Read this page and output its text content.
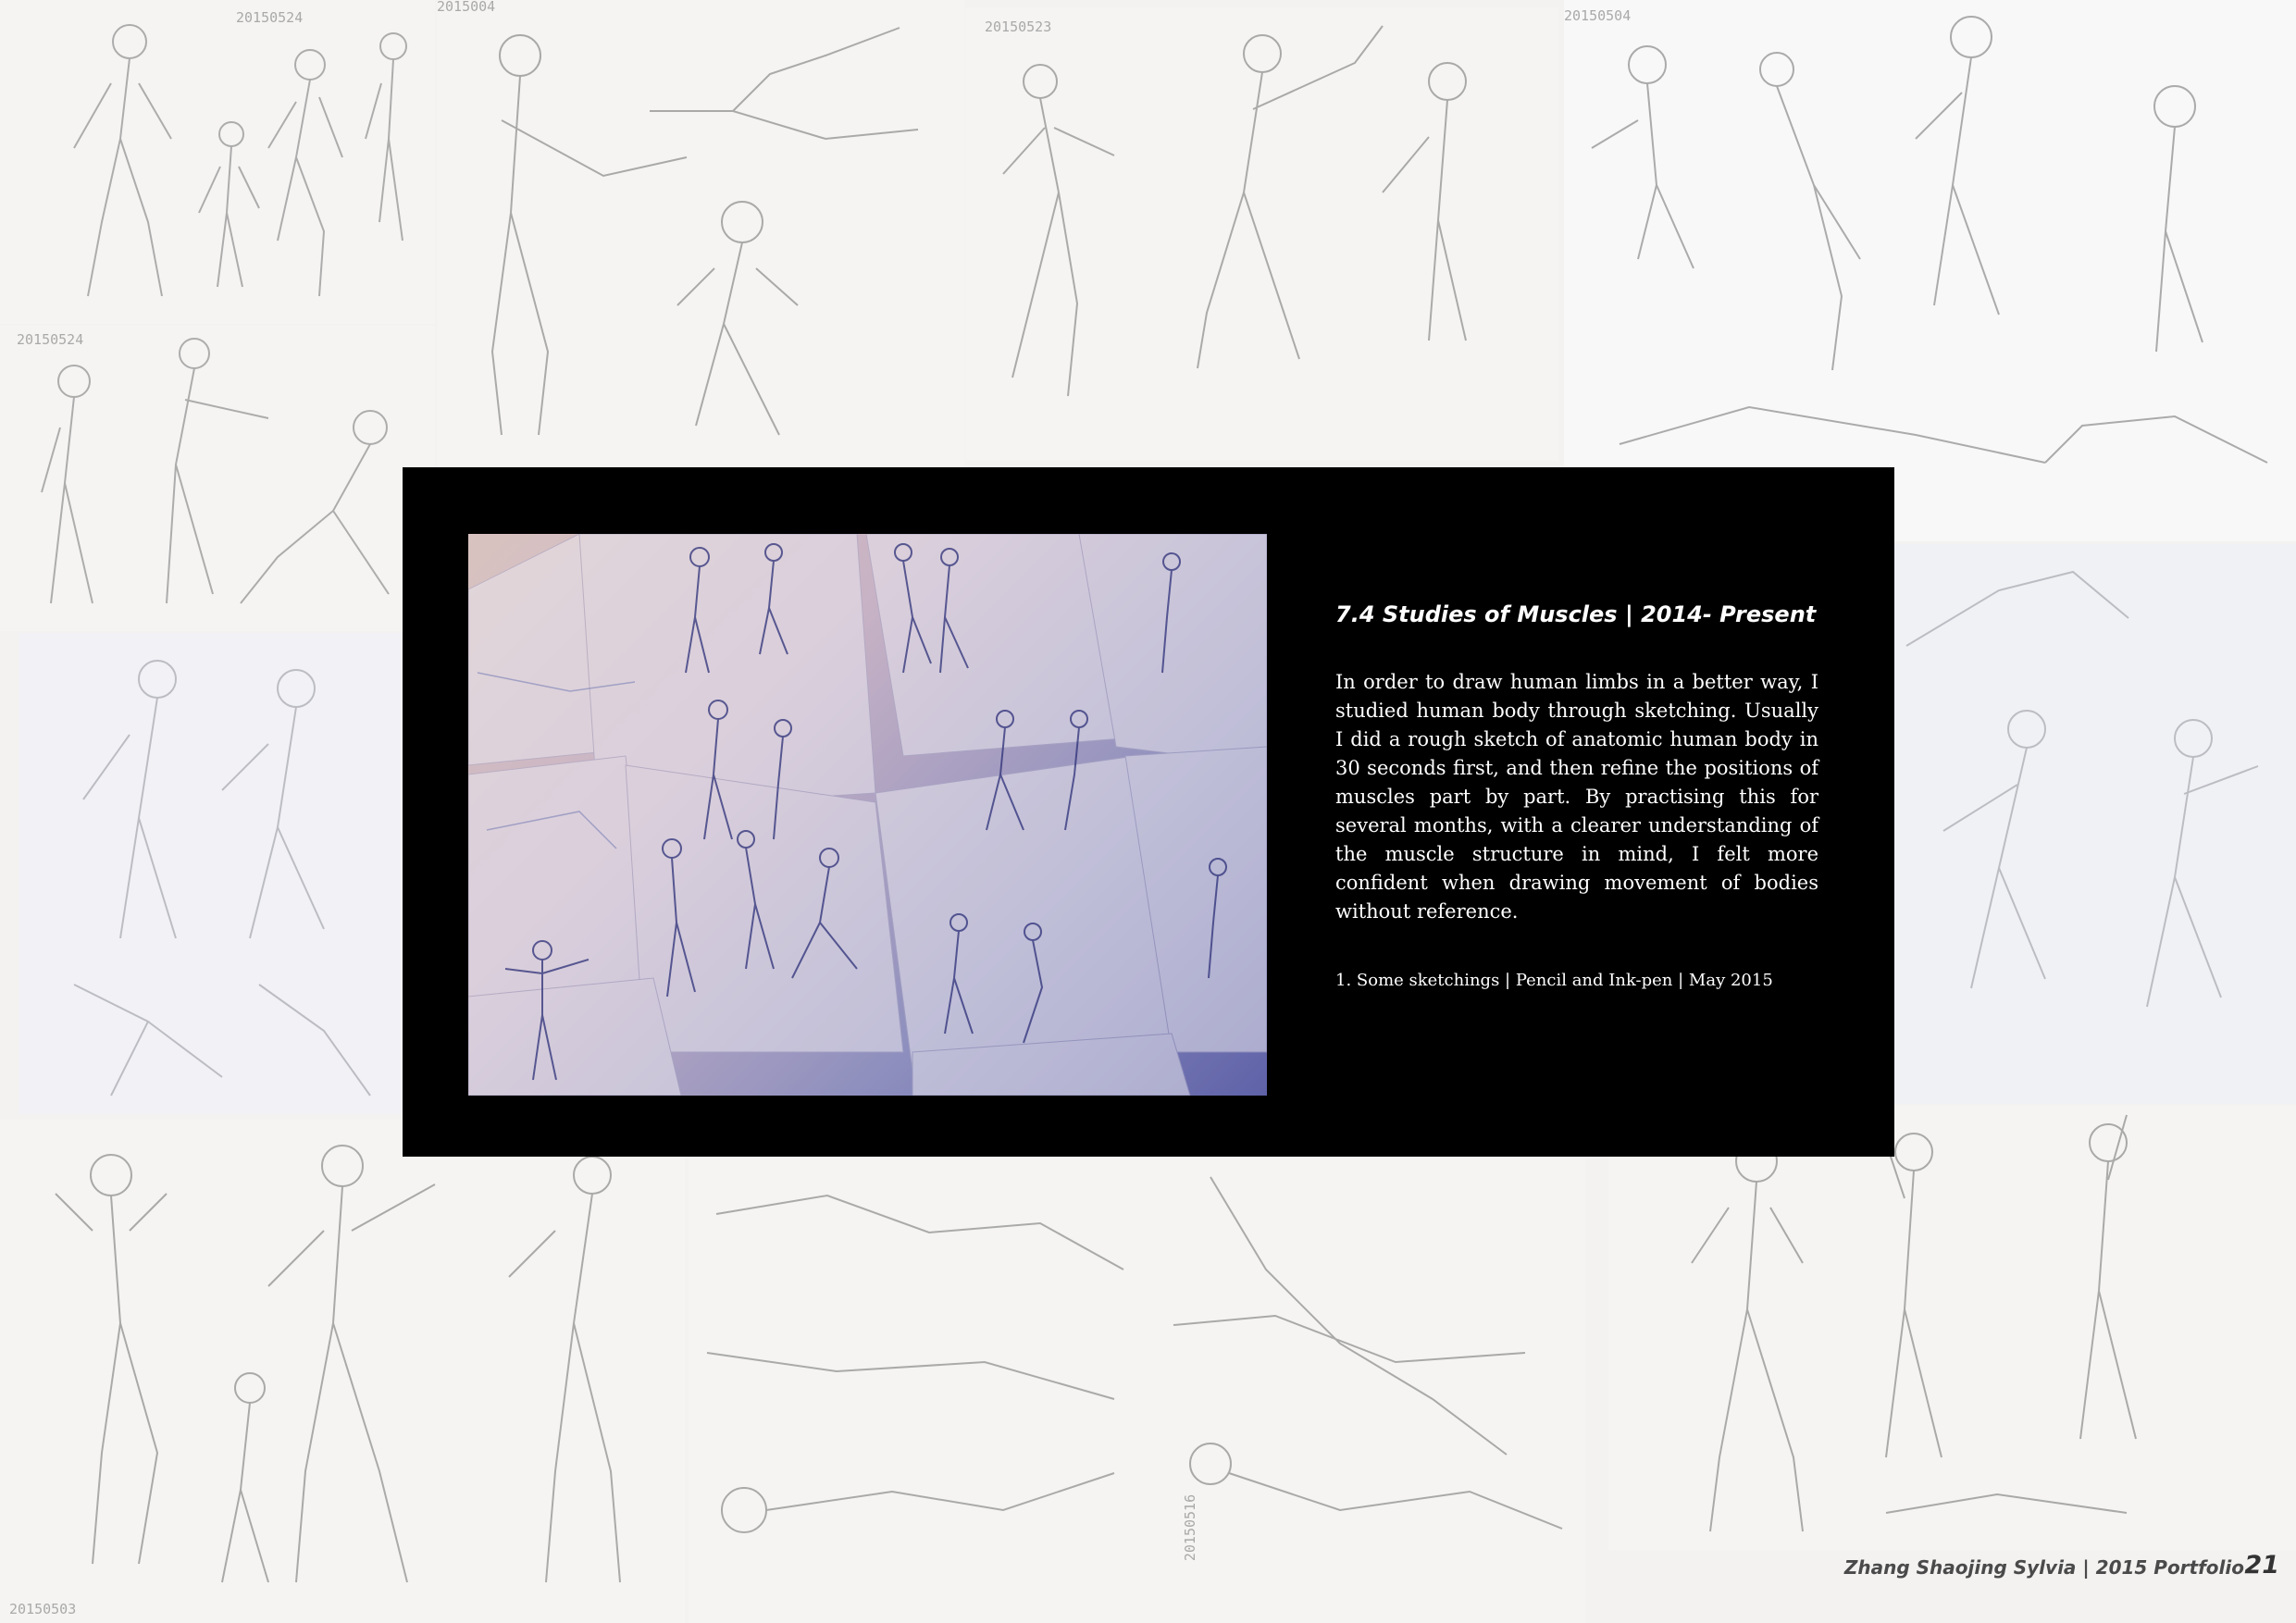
20150524
20150524
2015004
20150523
20150504
20150503
20150516
7.4 Studies of Muscles | 2014- Present

In order to draw human limbs in a better way, I studied human body through sketching. Usually I did a rough sketch of anatomic human body in 30 seconds first, and then refine the positions of muscles part by part. By practising this for several months, with a clearer understanding of the muscle structure in mind, I felt more confident when drawing movement of bodies without reference.

1. Some sketchings | Pencil and Ink-pen | May 2015
Zhang Shaojing Sylvia | 2015 Portfolio 21
